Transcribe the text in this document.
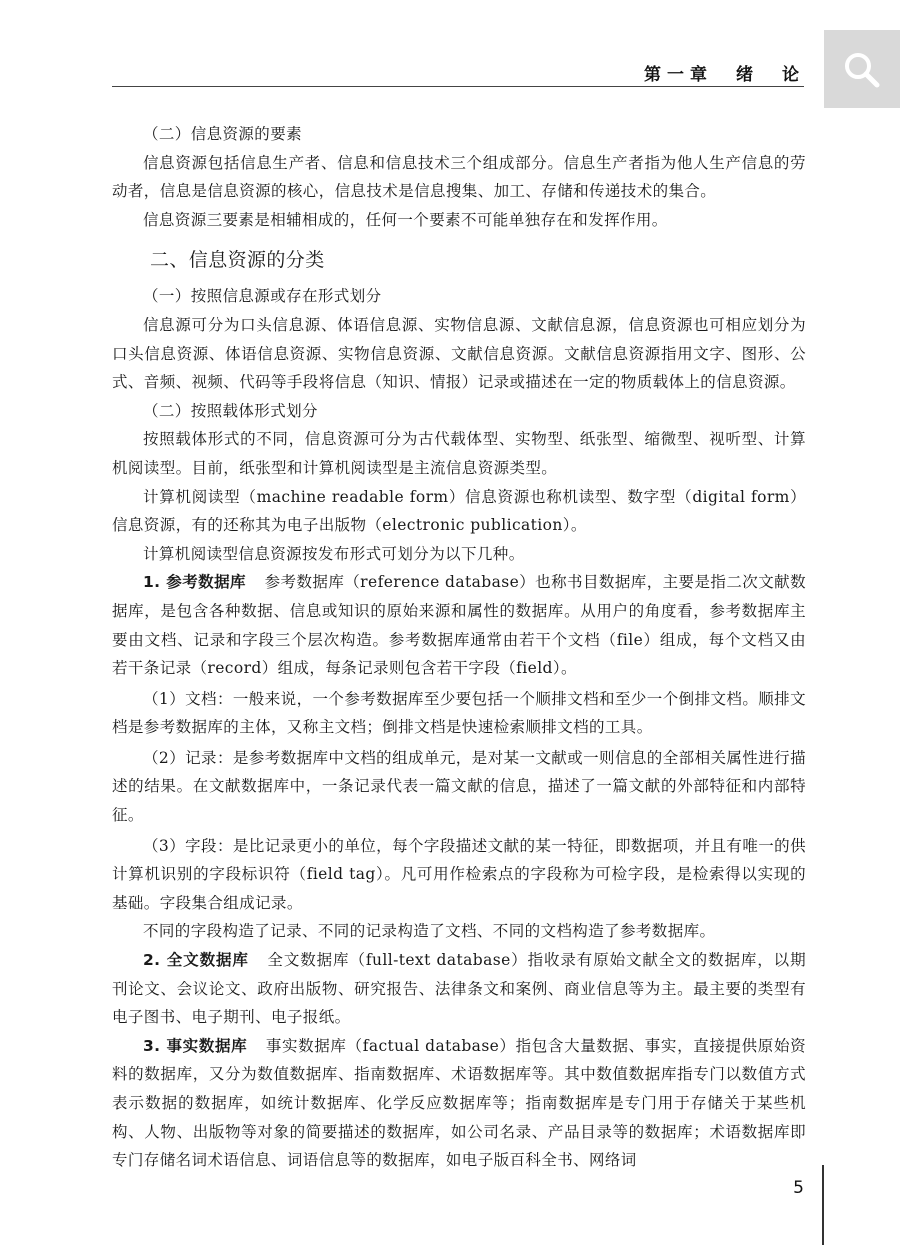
第一章　绪　论
（二）信息资源的要素

信息资源包括信息生产者、信息和信息技术三个组成部分。信息生产者指为他人生产信息的劳动者，信息是信息资源的核心，信息技术是信息搜集、加工、存储和传递技术的集合。

信息资源三要素是相辅相成的，任何一个要素不可能单独存在和发挥作用。

二、信息资源的分类
（一）按照信息源或存在形式划分

信息源可分为口头信息源、体语信息源、实物信息源、文献信息源，信息资源也可相应划分为口头信息资源、体语信息资源、实物信息资源、文献信息资源。文献信息资源指用文字、图形、公式、音频、视频、代码等手段将信息（知识、情报）记录或描述在一定的物质载体上的信息资源。

（二）按照载体形式划分

按照载体形式的不同，信息资源可分为古代载体型、实物型、纸张型、缩微型、视听型、计算机阅读型。目前，纸张型和计算机阅读型是主流信息资源类型。

计算机阅读型（machine readable form）信息资源也称机读型、数字型（digital form）信息资源，有的还称其为电子出版物（electronic publication）。

计算机阅读型信息资源按发布形式可划分为以下几种。

1. 参考数据库 参考数据库（reference database）也称书目数据库，主要是指二次文献数据库，是包含各种数据、信息或知识的原始来源和属性的数据库。从用户的角度看，参考数据库主要由文档、记录和字段三个层次构造。参考数据库通常由若干个文档（file）组成，每个文档又由若干条记录（record）组成，每条记录则包含若干字段（field）。

（1）文档：一般来说，一个参考数据库至少要包括一个顺排文档和至少一个倒排文档。顺排文档是参考数据库的主体，又称主文档；倒排文档是快速检索顺排文档的工具。

（2）记录：是参考数据库中文档的组成单元，是对某一文献或一则信息的全部相关属性进行描述的结果。在文献数据库中，一条记录代表一篇文献的信息，描述了一篇文献的外部特征和内部特征。

（3）字段：是比记录更小的单位，每个字段描述文献的某一特征，即数据项，并且有唯一的供计算机识别的字段标识符（field tag）。凡可用作检索点的字段称为可检字段，是检索得以实现的基础。字段集合组成记录。

不同的字段构造了记录、不同的记录构造了文档、不同的文档构造了参考数据库。

2. 全文数据库 全文数据库（full-text database）指收录有原始文献全文的数据库，以期刊论文、会议论文、政府出版物、研究报告、法律条文和案例、商业信息等为主。最主要的类型有电子图书、电子期刊、电子报纸。

3. 事实数据库 事实数据库（factual database）指包含大量数据、事实，直接提供原始资料的数据库，又分为数值数据库、指南数据库、术语数据库等。其中数值数据库指专门以数值方式表示数据的数据库，如统计数据库、化学反应数据库等；指南数据库是专门用于存储关于某些机构、人物、出版物等对象的简要描述的数据库，如公司名录、产品目录等的数据库；术语数据库即专门存储名词术语信息、词语信息等的数据库，如电子版百科全书、网络词

5
